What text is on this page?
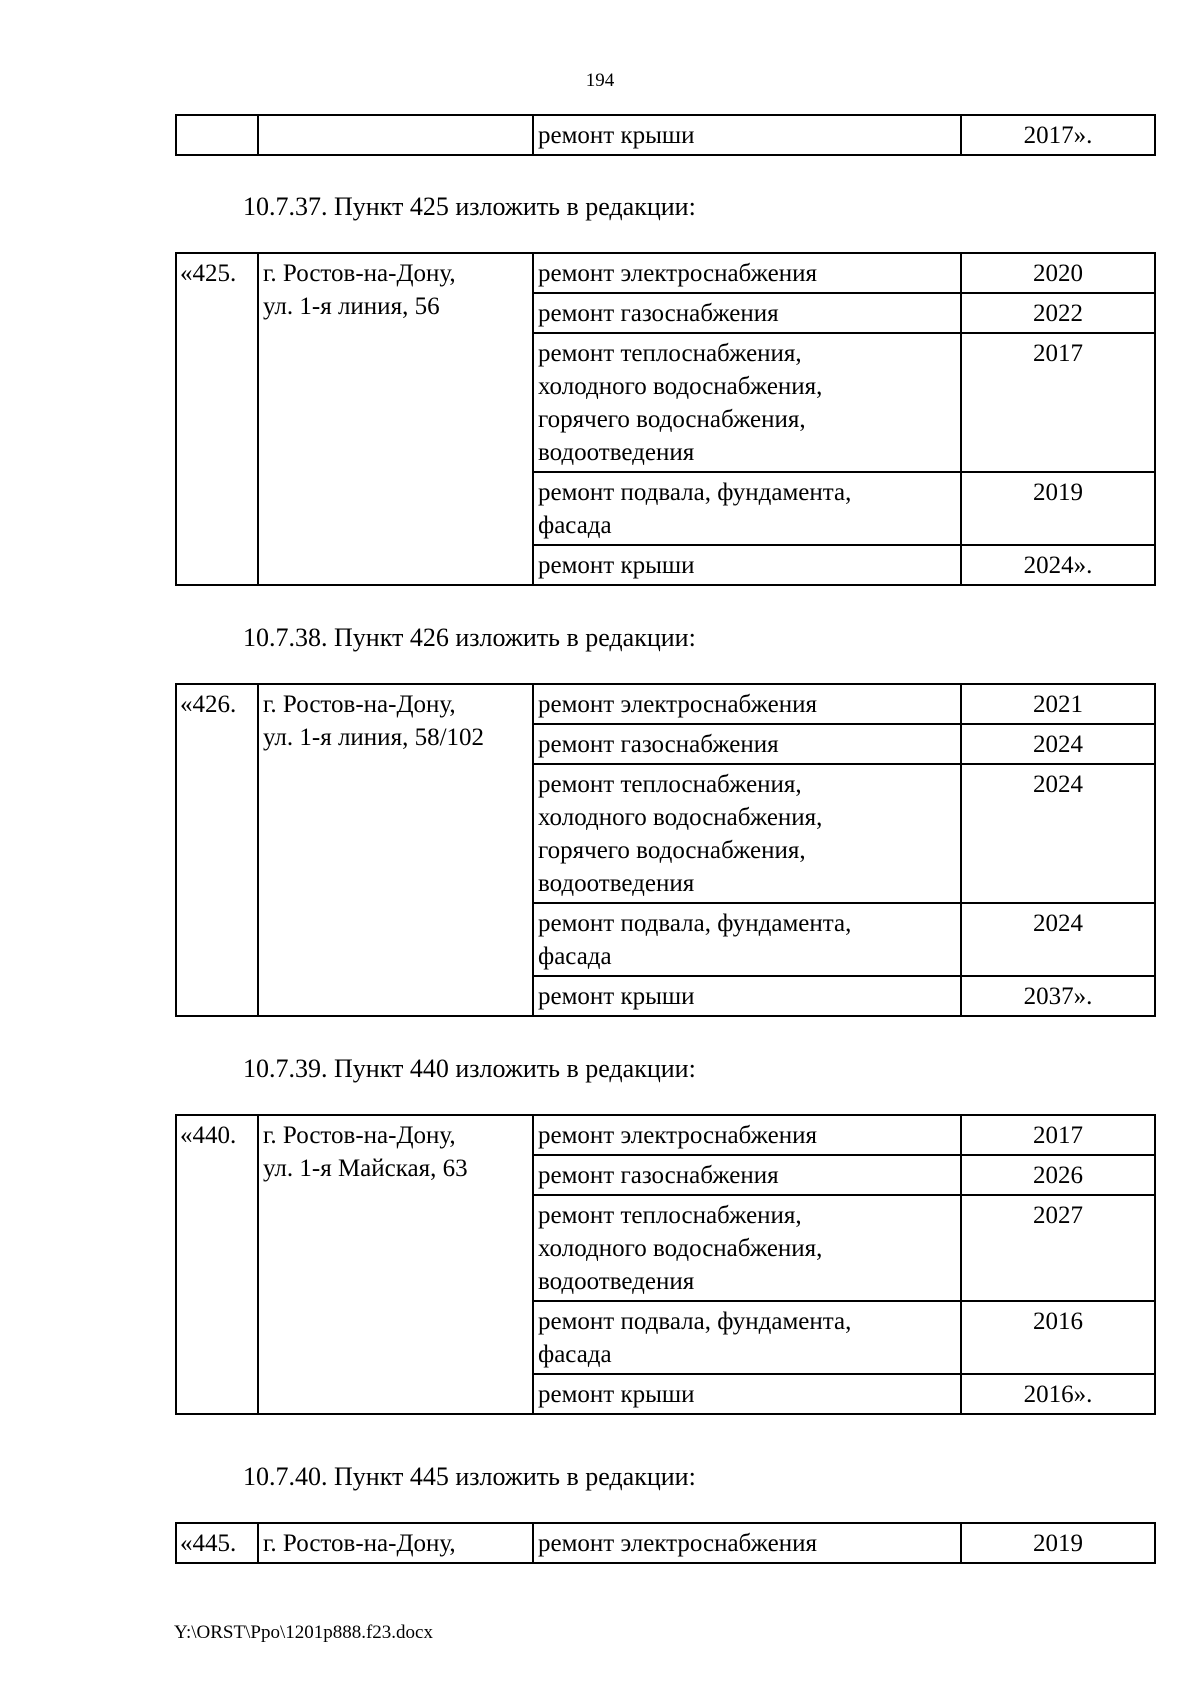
194
		ремонт крыши	2017».
10.7.37. Пункт 425 изложить в редакции:
«425.	г. Ростов-на-Дону,
ул. 1-я линия, 56	ремонт электроснабжения	2020

		ремонт газоснабжения	2022

		ремонт теплоснабжения,
холодного водоснабжения,
горячего водоснабжения,
водоотведения	2017

		ремонт подвала, фундамента,
фасада	2019

		ремонт крыши	2024».
10.7.38. Пункт 426 изложить в редакции:
«426.	г. Ростов-на-Дону,
ул. 1-я линия, 58/102	ремонт электроснабжения	2021

		ремонт газоснабжения	2024

		ремонт теплоснабжения,
холодного водоснабжения,
горячего водоснабжения,
водоотведения	2024

		ремонт подвала, фундамента,
фасада	2024

		ремонт крыши	2037».
10.7.39. Пункт 440 изложить в редакции:
«440.	г. Ростов-на-Дону,
ул. 1-я Майская, 63	ремонт электроснабжения	2017

		ремонт газоснабжения	2026

		ремонт теплоснабжения,
холодного водоснабжения,
водоотведения	2027

		ремонт подвала, фундамента,
фасада	2016

		ремонт крыши	2016».
10.7.40. Пункт 445 изложить в редакции:
«445.	г. Ростов-на-Дону,	ремонт электроснабжения	2019
Y:\ORST\Ppo\1201p888.f23.docx
